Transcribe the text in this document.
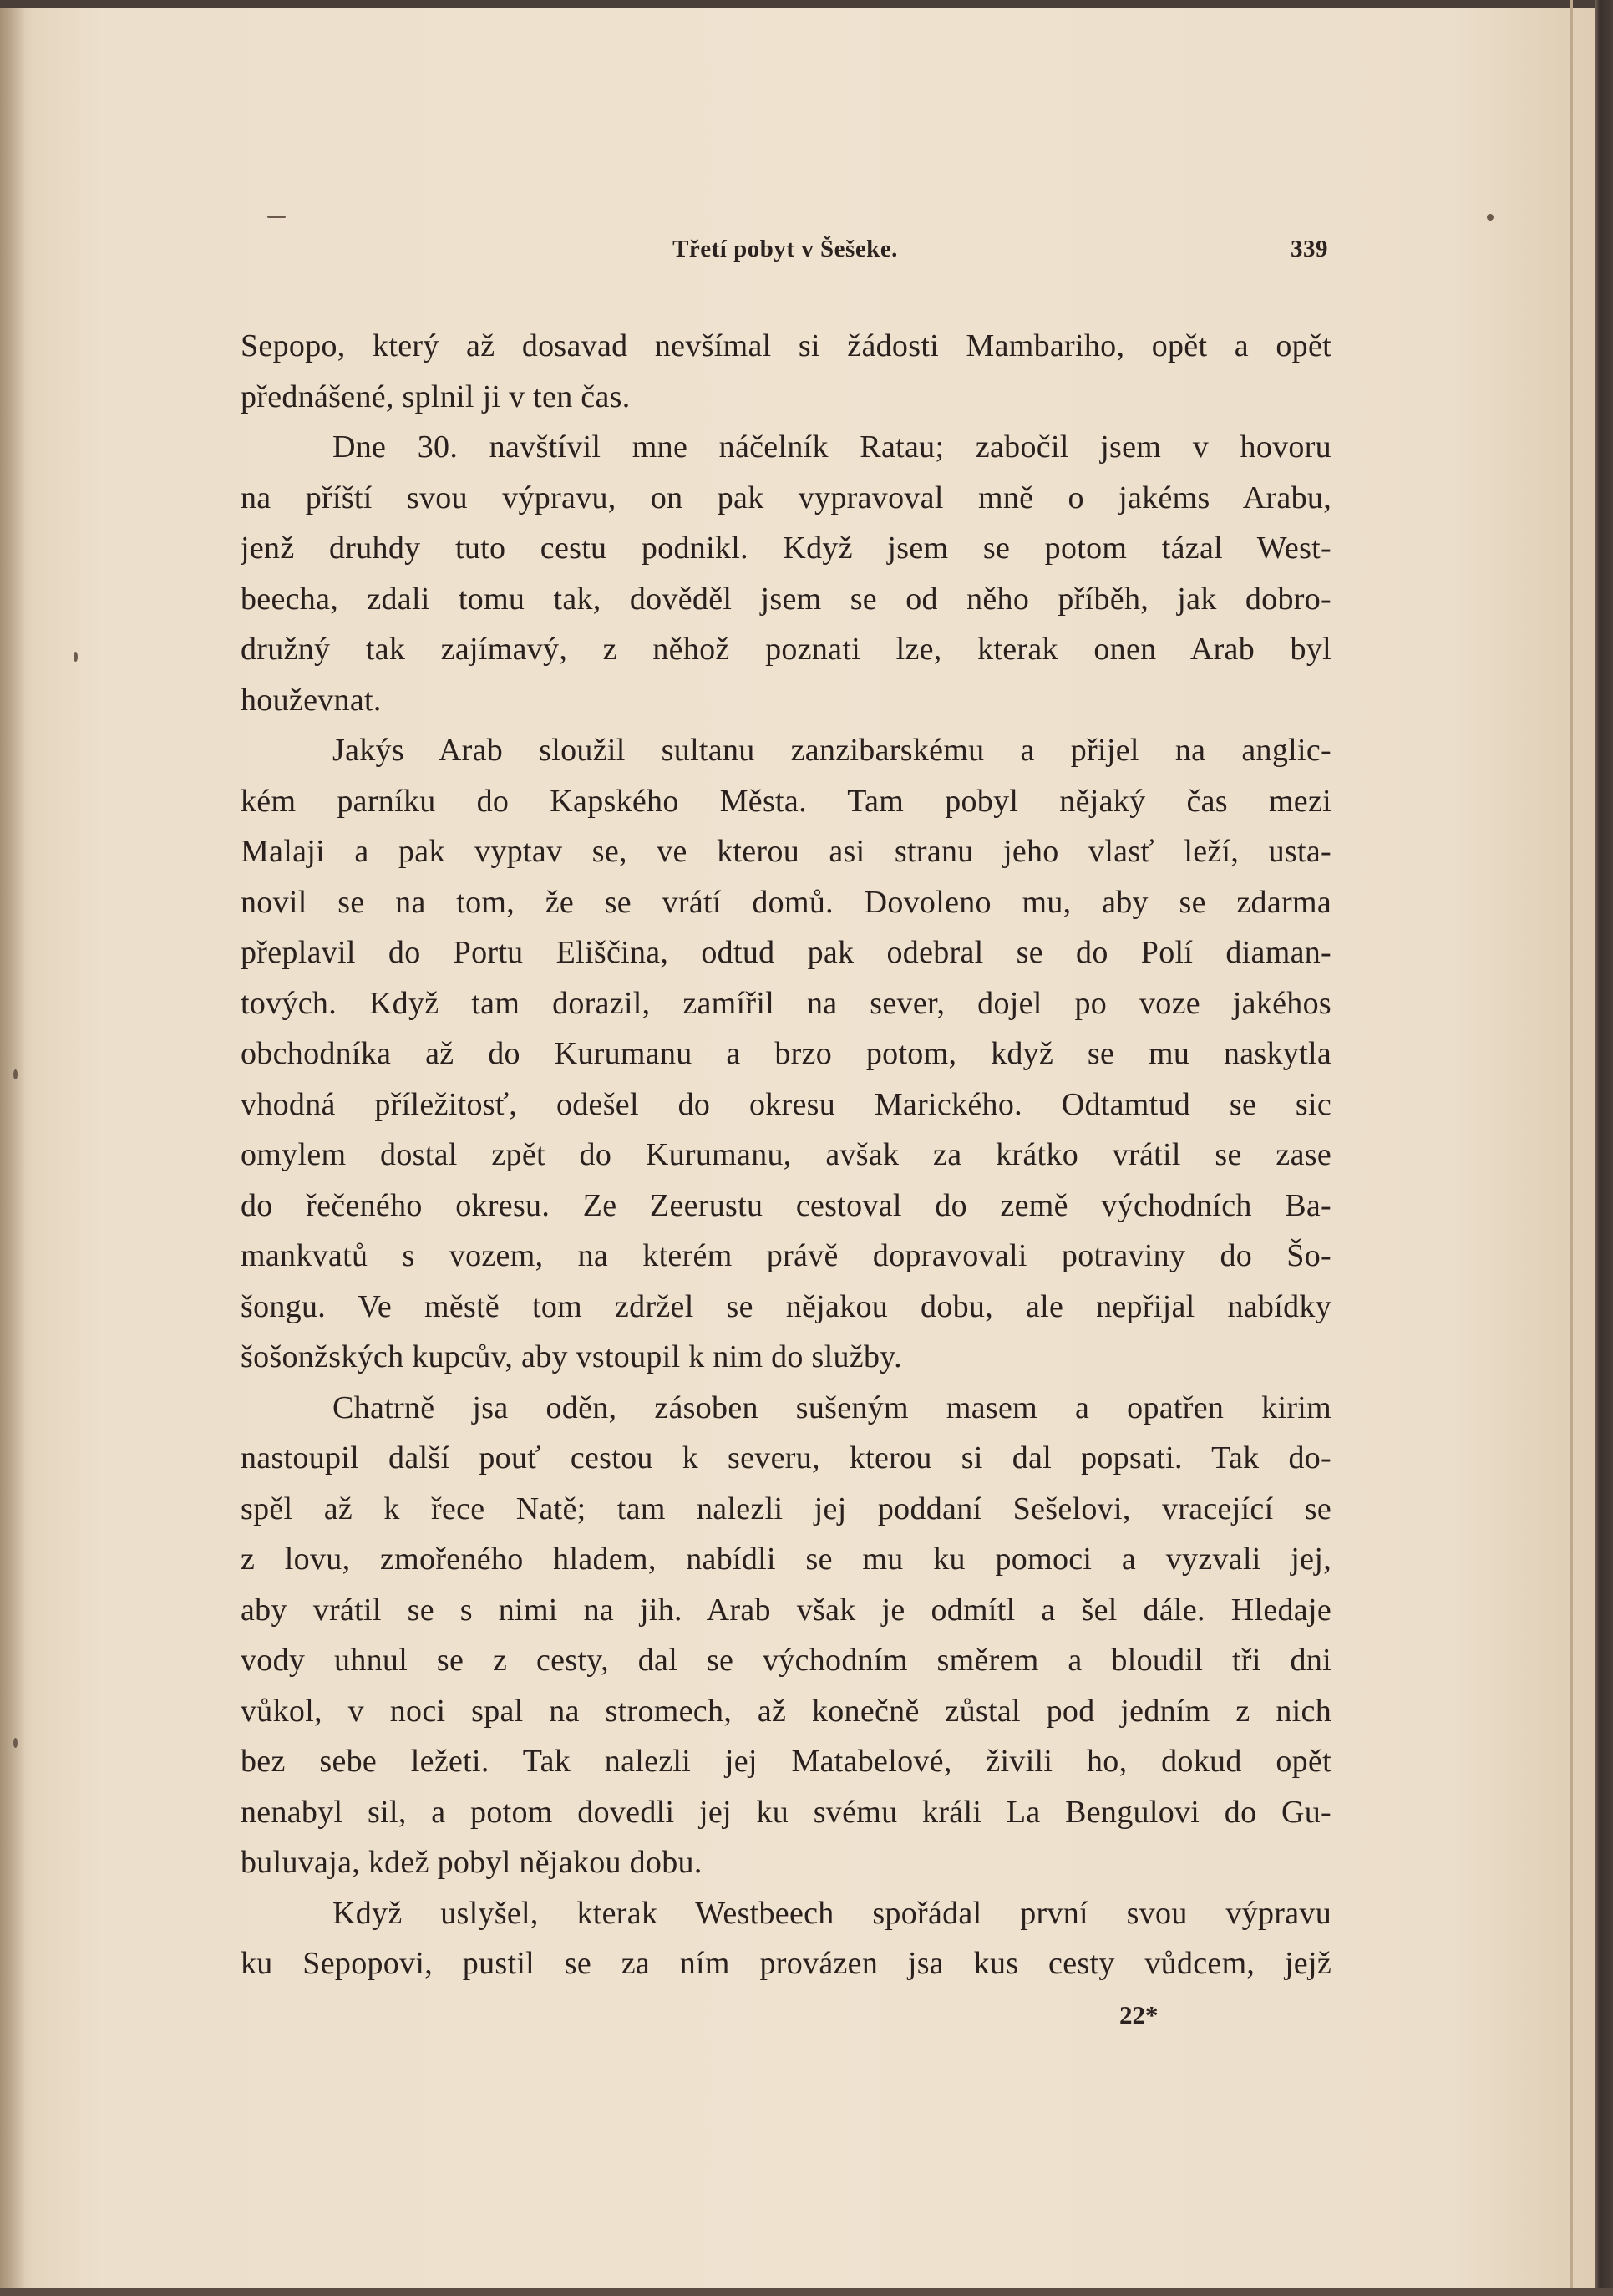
Třetí pobyt v Šešeke.	339
Sepopo, který až dosavad nevšímal si žádosti Mambariho, opět a opět
přednášené, splnil ji v ten čas.
Dne 30. navštívil mne náčelník Ratau; zabočil jsem v hovoru
na příští svou výpravu, on pak vypravoval mně o jakéms Arabu,
jenž druhdy tuto cestu podnikl. Když jsem se potom tázal West-
beecha, zdali tomu tak, dověděl jsem se od něho příběh, jak dobro-
družný tak zajímavý, z něhož poznati lze, kterak onen Arab byl
houževnat.
Jakýs Arab sloužil sultanu zanzibarskému a přijel na anglic-
kém parníku do Kapského Města. Tam pobyl nějaký čas mezi
Malaji a pak vyptav se, ve kterou asi stranu jeho vlasť leží, usta-
novil se na tom, že se vrátí domů. Dovoleno mu, aby se zdarma
přeplavil do Portu Eliščina, odtud pak odebral se do Polí diaman-
tových. Když tam dorazil, zamířil na sever, dojel po voze jakéhos
obchodníka až do Kurumanu a brzo potom, když se mu naskytla
vhodná příležitosť, odešel do okresu Marického. Odtamtud se sic
omylem dostal zpět do Kurumanu, avšak za krátko vrátil se zase
do řečeného okresu. Ze Zeerustu cestoval do země východních Ba-
mankvatů s vozem, na kterém právě dopravovali potraviny do Šo-
šongu. Ve městě tom zdržel se nějakou dobu, ale nepřijal nabídky
šošonžských kupcův, aby vstoupil k nim do služby.
Chatrně jsa oděn, zásoben sušeným masem a opatřen kirim
nastoupil další pouť cestou k severu, kterou si dal popsati. Tak do-
spěl až k řece Natě; tam nalezli jej poddaní Sešelovi, vracející se
z lovu, zmořeného hladem, nabídli se mu ku pomoci a vyzvali jej,
aby vrátil se s nimi na jih. Arab však je odmítl a šel dále. Hledaje
vody uhnul se z cesty, dal se východním směrem a bloudil tři dni
vůkol, v noci spal na stromech, až konečně zůstal pod jedním z nich
bez sebe ležeti. Tak nalezli jej Matabelové, živili ho, dokud opět
nenabyl sil, a potom dovedli jej ku svému králi La Bengulovi do Gu-
buluvaja, kdež pobyl nějakou dobu.
Když uslyšel, kterak Westbeech spořádal první svou výpravu
ku Sepopovi, pustil se za ním provázen jsa kus cesty vůdcem, jejž
22*
